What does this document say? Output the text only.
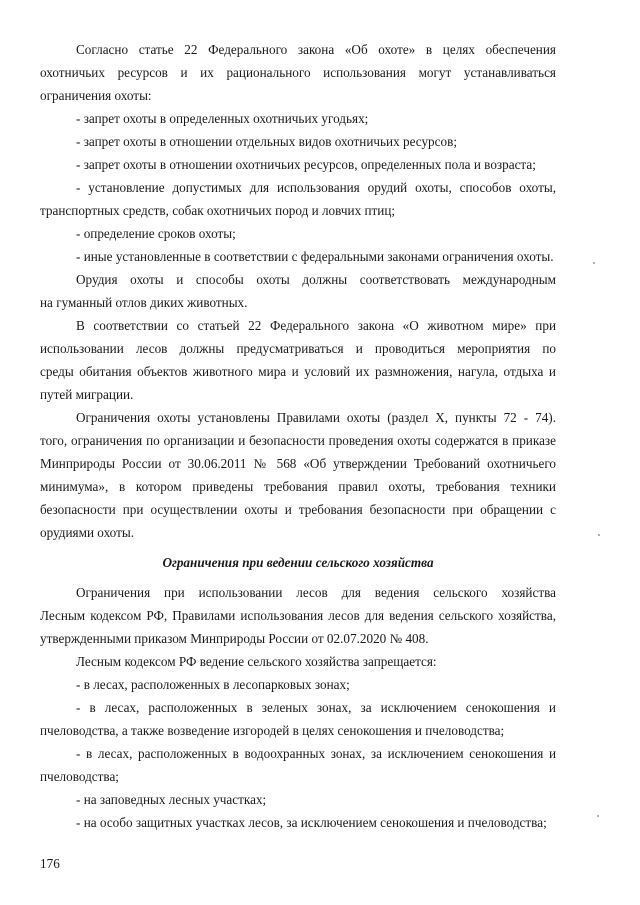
Ограничения при ведении сельского хозяйства
176
Согласно статье 22 Федерального закона «Об охоте» в целях обеспечения
охотничьих ресурсов и их рационального использования могут устанавливаться
ограничения охоты:
- запрет охоты в определенных охотничьих угодьях;
- запрет охоты в отношении отдельных видов охотничьих ресурсов;
- запрет охоты в отношении охотничьих ресурсов, определенных пола и возраста;
- установление допустимых для использования орудий охоты, способов охоты,
транспортных средств, собак охотничьих пород и ловчих птиц;
- определение сроков охоты;
- иные установленные в соответствии с федеральными законами ограничения охоты.
Орудия охоты и способы охоты должны соответствовать международным
на гуманный отлов диких животных.
В соответствии со статьей 22 Федерального закона «О животном мире» при
использовании лесов должны предусматриваться и проводиться мероприятия по
среды обитания объектов животного мира и условий их размножения, нагула, отдыха и
путей миграции.
Ограничения охоты установлены Правилами охоты (раздел X, пункты 72 - 74).
того, ограничения по организации и безопасности проведения охоты содержатся в приказе
Минприроды России от 30.06.2011 № 568 «Об утверждении Требований охотничьего
минимума», в котором приведены требования правил охоты, требования техники
безопасности при осуществлении охоты и требования безопасности при обращении с
орудиями охоты.
Ограничения при использовании лесов для ведения сельского хозяйства
Лесным кодексом РФ, Правилами использования лесов для ведения сельского хозяйства,
утвержденными приказом Минприроды России от 02.07.2020 № 408.
Лесным кодексом РФ ведение сельского хозяйства запрещается:
- в лесах, расположенных в лесопарковых зонах;
- в лесах, расположенных в зеленых зонах, за исключением сенокошения и
пчеловодства, а также возведение изгородей в целях сенокошения и пчеловодства;
- в лесах, расположенных в водоохранных зонах, за исключением сенокошения и
пчеловодства;
- на заповедных лесных участках;
- на особо защитных участках лесов, за исключением сенокошения и пчеловодства;
